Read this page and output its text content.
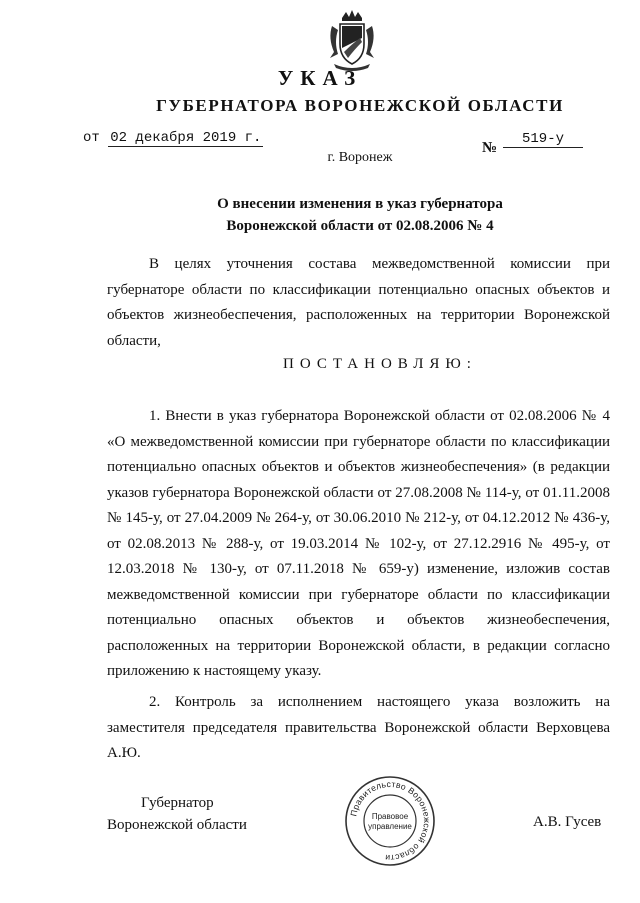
УКАЗ
ГУБЕРНАТОРА ВОРОНЕЖСКОЙ ОБЛАСТИ
от 02 декабря 2019 г.
№
519-у
г. Воронеж
О внесении изменения в указ губернатора
Воронежской области от 02.08.2006 № 4

В целях уточнения состава межведомственной комиссии при губернаторе области по классификации потенциально опасных объектов и объектов жизнеобеспечения, расположенных на территории Воронежской области,

ПОСТАНОВЛЯЮ:

1. Внести в указ губернатора Воронежской области от 02.08.2006 № 4 «О межведомственной комиссии при губернаторе области по классификации потенциально опасных объектов и объектов жизнеобеспечения» (в редакции указов губернатора Воронежской области от 27.08.2008 № 114-у, от 01.11.2008 № 145-у, от 27.04.2009 № 264-у, от 30.06.2010 № 212-у, от 04.12.2012 № 436-у, от 02.08.2013 № 288-у, от 19.03.2014 № 102-у, от 27.12.2916 № 495-у, от 12.03.2018 № 130-у, от 07.11.2018 № 659-у) изменение, изложив состав межведомственной комиссии при губернаторе области по классификации потенциально опасных объектов и объектов жизнеобеспечения, расположенных на территории Воронежской области, в редакции согласно приложению к настоящему указу.

2. Контроль за исполнением настоящего указа возложить на заместителя председателя правительства Воронежской области Верховцева А.Ю.

Губернатор
Воронежской области
Правительство Воронежской области
Правовое
управление	А.В. Гусев
